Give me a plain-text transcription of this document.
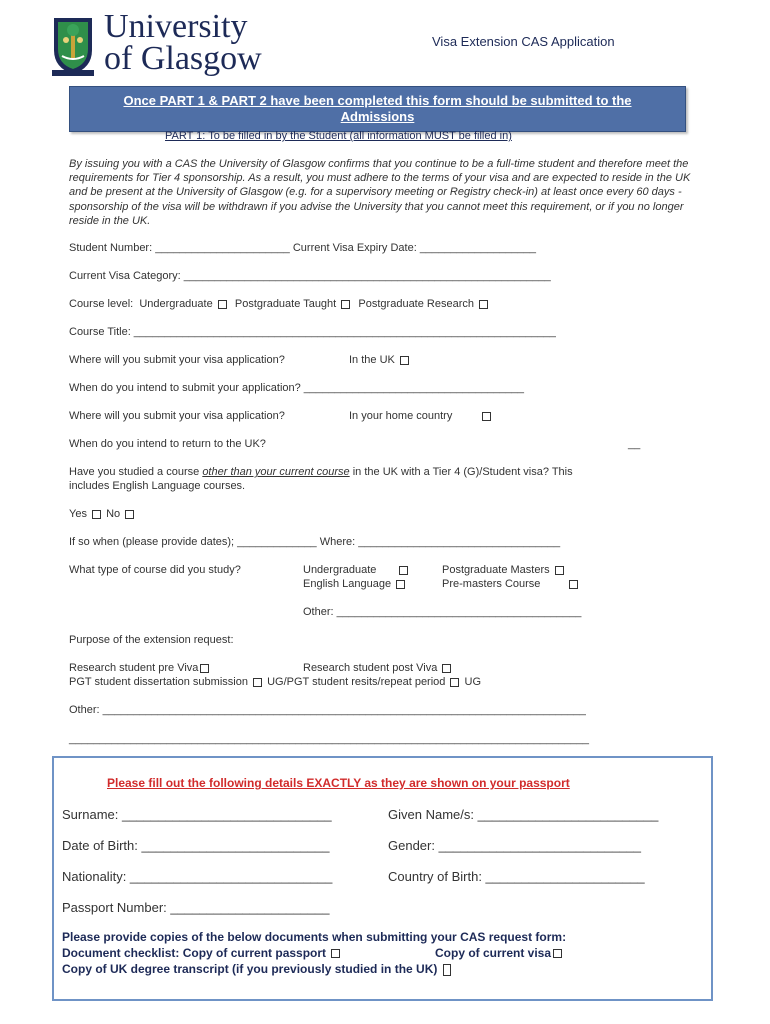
University
of Glasgow	Visa Extension CAS Application
Once PART 1 & PART 2 have been completed this form should be submitted to the Admissions
PART 1: To be filled in by the Student (all information MUST be filled in)
By issuing you with a CAS the University of Glasgow confirms that you continue to be a full-time student and therefore meet the requirements for Tier 4 sponsorship. As a result, you must adhere to the terms of your visa and are expected to reside in the UK and be present at the University of Glasgow (e.g. for a supervisory meeting or Registry check-in) at least once every 60 days - sponsorship of the visa will be withdrawn if you advise the University that you cannot meet this requirement, or if you no longer reside in the UK.
Student Number: ______________________ Current Visa Expiry Date: ___________________
Current Visa Category: ____________________________________________________________
Course level: Undergraduate Postgraduate Taught Postgraduate Research
Course Title: _____________________________________________________________________
Where will you submit your visa application?	In the UK
When do you intend to submit your application? ____________________________________
Where will you submit your visa application?	In your home country
When do you intend to return to the UK?	__
Have you studied a course other than your current course in the UK with a Tier 4 (G)/Student visa? This
includes English Language courses.
Yes No
If so when (please provide dates); _____________ Where: _________________________________
What type of course did you study?	Undergraduate	Postgraduate Masters
English Language	Pre-masters Course
Other: ________________________________________
Purpose of the extension request:
Research student pre Viva	Research student post Viva
PGT student dissertation submission UG/PGT student resits/repeat period UG
Other: _______________________________________________________________________________
_____________________________________________________________________________________
Please fill out the following details EXACTLY as they are shown on your passport
Surname: _____________________________	Given Name/s: _________________________
Date of Birth: __________________________	Gender: ____________________________
Nationality: ____________________________	Country of Birth: ______________________
Passport Number: ______________________
Please provide copies of the below documents when submitting your CAS request form:
Document checklist: Copy of current passport	Copy of current visa
Copy of UK degree transcript (if you previously studied in the UK)
